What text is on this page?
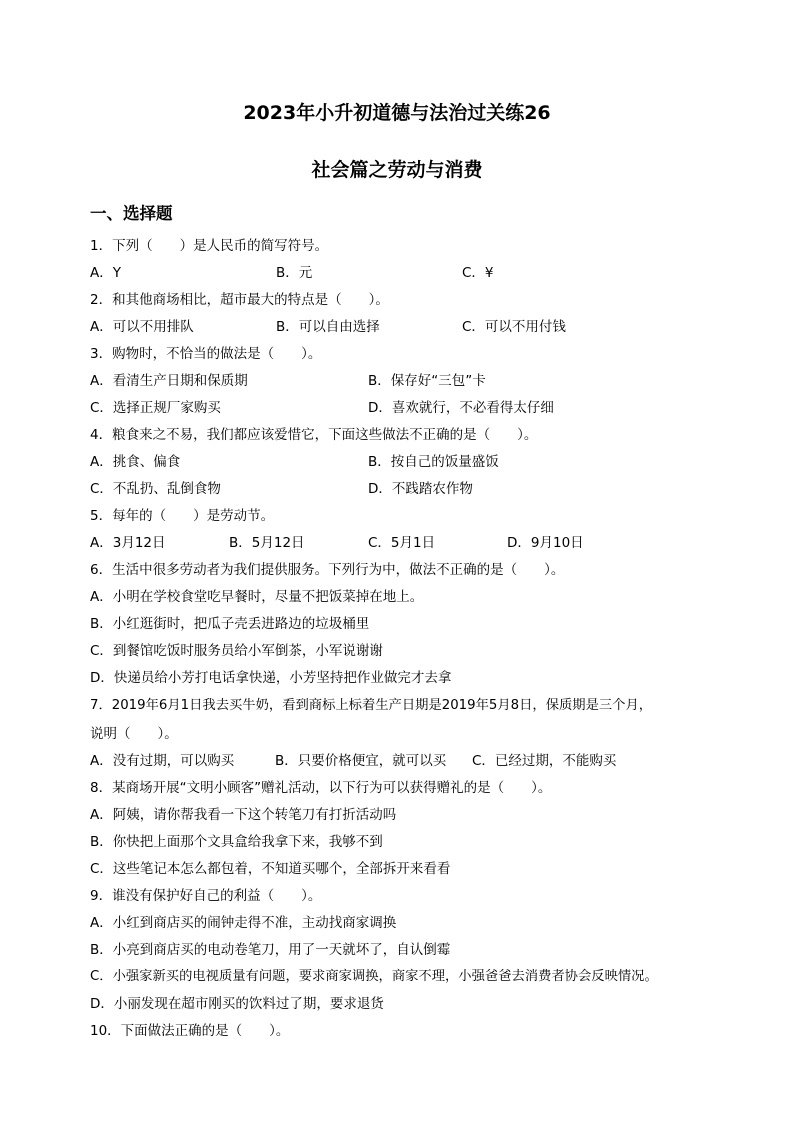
2023年小升初道德与法治过关练26
社会篇之劳动与消费
一、选择题
1．下列（　　）是人民币的简写符号。
A．Y	B．元	C．¥
2．和其他商场相比，超市最大的特点是（　　）。
A．可以不用排队	B．可以自由选择	C．可以不用付钱
3．购物时，不恰当的做法是（　　）。
A．看清生产日期和保质期	B．保存好“三包”卡
C．选择正规厂家购买	D．喜欢就行，不必看得太仔细
4．粮食来之不易，我们都应该爱惜它，下面这些做法不正确的是（　　）。
A．挑食、偏食	B．按自己的饭量盛饭
C．不乱扔、乱倒食物	D．不践踏农作物
5．每年的（　　）是劳动节。
A．3月12日	B．5月12日	C．5月1日	D．9月10日
6．生活中很多劳动者为我们提供服务。下列行为中，做法不正确的是（　　）。
A．小明在学校食堂吃早餐时，尽量不把饭菜掉在地上。
B．小红逛街时，把瓜子壳丢进路边的垃圾桶里
C．到餐馆吃饭时服务员给小军倒茶，小军说谢谢
D．快递员给小芳打电话拿快递，小芳坚持把作业做完才去拿
7．2019年6月1日我去买牛奶，看到商标上标着生产日期是2019年5月8日，保质期是三个月，
说明（　　）。
A．没有过期，可以购买	B．只要价格便宜，就可以买 C．已经过期，不能购买
8．某商场开展“文明小顾客”赠礼活动，以下行为可以获得赠礼的是（　　）。
A．阿姨，请你帮我看一下这个转笔刀有打折活动吗
B．你快把上面那个文具盒给我拿下来，我够不到
C．这些笔记本怎么都包着，不知道买哪个，全部拆开来看看
9．谁没有保护好自己的利益（　　）。
A．小红到商店买的闹钟走得不准，主动找商家调换
B．小亮到商店买的电动卷笔刀，用了一天就坏了，自认倒霉
C．小强家新买的电视质量有问题，要求商家调换，商家不理，小强爸爸去消费者协会反映情况。
D．小丽发现在超市刚买的饮料过了期，要求退货
10．下面做法正确的是（　　）。
